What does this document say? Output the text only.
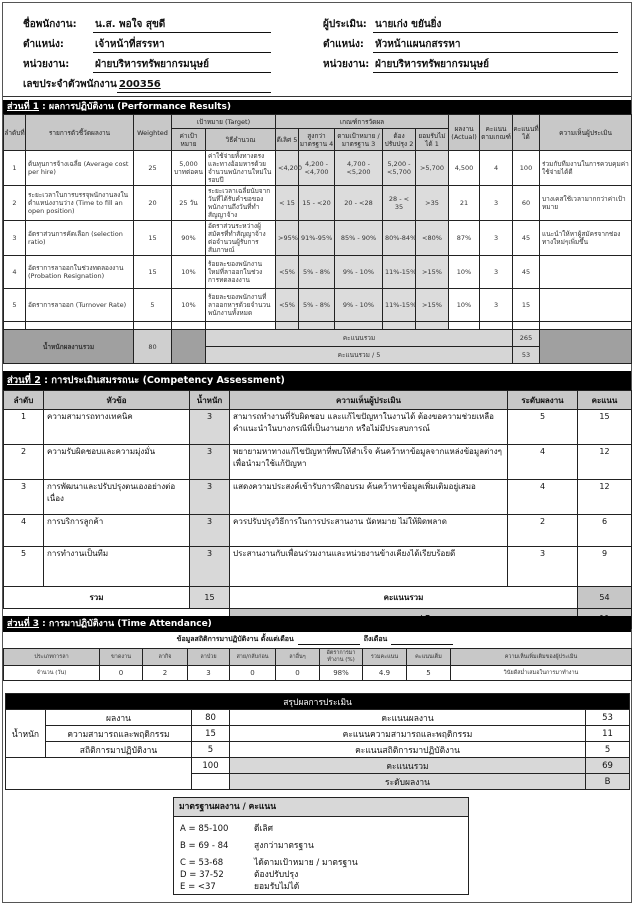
ชื่อพนักงาน: น.ส. พอใจ สุขดี
ตำแหน่ง:	เจ้าหน้าที่สรรหา
หน่วยงาน:	ฝ่ายบริหารทรัพยากรมนุษย์
เลขประจำตัวพนักงาน 200356
ผู้ประเมิน: นายเก่ง ขยันยิ่ง
ตำแหน่ง: หัวหน้าแผนกสรรหา
หน่วยงาน: ฝ่ายบริหารทรัพยากรมนุษย์
ส่วนที่ 1 : ผลการปฏิบัติงาน (Performance Results)
ลำดับที่	รายการตัวชี้วัดผลงาน	Weighted	เป้าหมาย (Target)		เกณฑ์การวัดผล					ผลงาน (Actual)	คะแนนตามเกณฑ์	คะแนนที่ได้	ความเห็นผู้ประเมิน
			ค่าเป้าหมาย	วิธีคำนวณ	ดีเลิศ 5	สูงกว่ามาตรฐาน 4	ตามเป้าหมาย /มาตรฐาน 3	ต้องปรับปรุง 2	ยอมรับไม่ได้ 1				
1	ต้นทุนการจ้างเฉลี่ย (Average cost per hire)	25	5,000 บาทต่อคน	ค่าใช้จ่ายทั้งทางตรงและทางอ้อมหารด้วยจำนวนพนักงานใหม่ในรอบปี	<4,200	4,200 - <4,700	4,700 - <5,200	5,200 - <5,700	>5,700	4,500	4	100	ร่วมกับทีมงานในการควบคุมค่าใช้จ่ายได้ดี
2	ระยะเวลาในการบรรจุพนักงานลงในตำแหน่งงานว่าง (Time to fill an open position)	20	25 วัน	ระยะเวลาเฉลี่ยนับจากวันที่ได้รับคำขอของพนักงานถึงวันที่ทำสัญญาจ้าง	< 15	15 - <20	20 - <28	28 - < 35	>35	21	3	60	บางเคสใช้เวลามากกว่าค่าเป้าหมาย
3	อัตราส่วนการคัดเลือก (selection ratio)	15	90%	อัตราส่วนระหว่างผู้สมัครที่ทำสัญญาจ้างต่อจำนวนผู้รับการสัมภาษณ์	>95%	91%-95%	85% - 90%	80%-84%	<80%	87%	3	45	แนะนำให้หาผู้สมัครจากช่องทางใหม่ๆเพิ่มขึ้น
4	อัตราการลาออกในช่วงทดลองงาน (Probation Resignation)	15	10%	ร้อยละของพนักงานใหม่ที่ลาออกในช่วงการทดลองงาน	<5%	5% - 8%	9% - 10%	11%-15%	>15%	10%	3	45	
5	อัตราการลาออก (Turnover Rate)	5	10%	ร้อยละของพนักงานที่ลาออกหารด้วยจำนวนพนักงานทั้งหมด	<5%	5% - 8%	9% - 10%	11%-15%	>15%	10%	3	15	

น้ำหนักผลงานรวม		80		คะแนนรวม								265	
				คะแนนรวม / 5								53	
ส่วนที่ 2 : การประเมินสมรรถนะ (Competency Assessment)
ลำดับ	หัวข้อ	น้ำหนัก	ความเห็นผู้ประเมิน	ระดับผลงาน	คะแนน
1	ความสามารถทางเทคนิค	3	สามารถทำงานที่รับผิดชอบ และแก้ไขปัญหาในงานได้ ต้องขอความช่วยเหลือ คำแนะนำในบางกรณีที่เป็นงานยาก หรือไม่มีประสบการณ์	5	15
2	ความรับผิดชอบและความมุ่งมั่น	3	พยายามหาทางแก้ไขปัญหาที่พบให้สำเร็จ ค้นคว้าหาข้อมูลจากแหล่งข้อมูลต่างๆ เพื่อนำมาใช้แก้ปัญหา	4	12
3	การพัฒนาและปรับปรุงตนเองอย่างต่อเนื่อง	3	แสดงความประสงค์เข้ารับการฝึกอบรม ค้นคว้าหาข้อมูลเพิ่มเติมอยู่เสมอ	4	12
4	การบริการลูกค้า	3	ควรปรับปรุงวิธีการในการประสานงาน นัดหมาย ไม่ให้ผิดพลาด	2	6
5	การทำงานเป็นทีม	3	ประสานงานกับเพื่อนร่วมงานและหน่วยงานข้างเคียงได้เรียบร้อยดี	3	9
รวม		15	คะแนนรวม		54

ส่วนที่ 3 : การมาปฏิบัติงาน (Time Attendance)
ข้อมูลสถิติการมาปฏิบัติงาน ตั้งแต่เดือน	ถึงเดือน
ประเภทการลา	ขาดงาน	ลากิจ	ลาป่วย	สาย/กลับก่อน	ลาอื่นๆ	อัตราการมาทำงาน (%)	รวมคะแนน	คะแนนเต็ม	ความเห็นเพิ่มเติมของผู้ประเมิน
จำนวน (วัน)	0	2	3	0	0	98%	4.9	5	วินัยดีสม่ำเสมอในการมาทำงาน
สรุปผลการประเมิน				
น้ำหนัก	ผลงาน	80	คะแนนผลงาน	53
	ความสามารถและพฤติกรรม	15	คะแนนความสามารถและพฤติกรรม	11
	สถิติการมาปฏิบัติงาน	5	คะแนนสถิติการมาปฏิบัติงาน	5
		100	คะแนนรวม	69
			ระดับผลงาน	B
มาตรฐานผลงาน / คะแนน
A = 85-100	ดีเลิศ
B = 69 - 84	สูงกว่ามาตรฐาน
C = 53-68	ได้ตามเป้าหมาย / มาตรฐาน
D = 37-52	ต้องปรับปรุง
E = <37	ยอมรับไม่ได้
